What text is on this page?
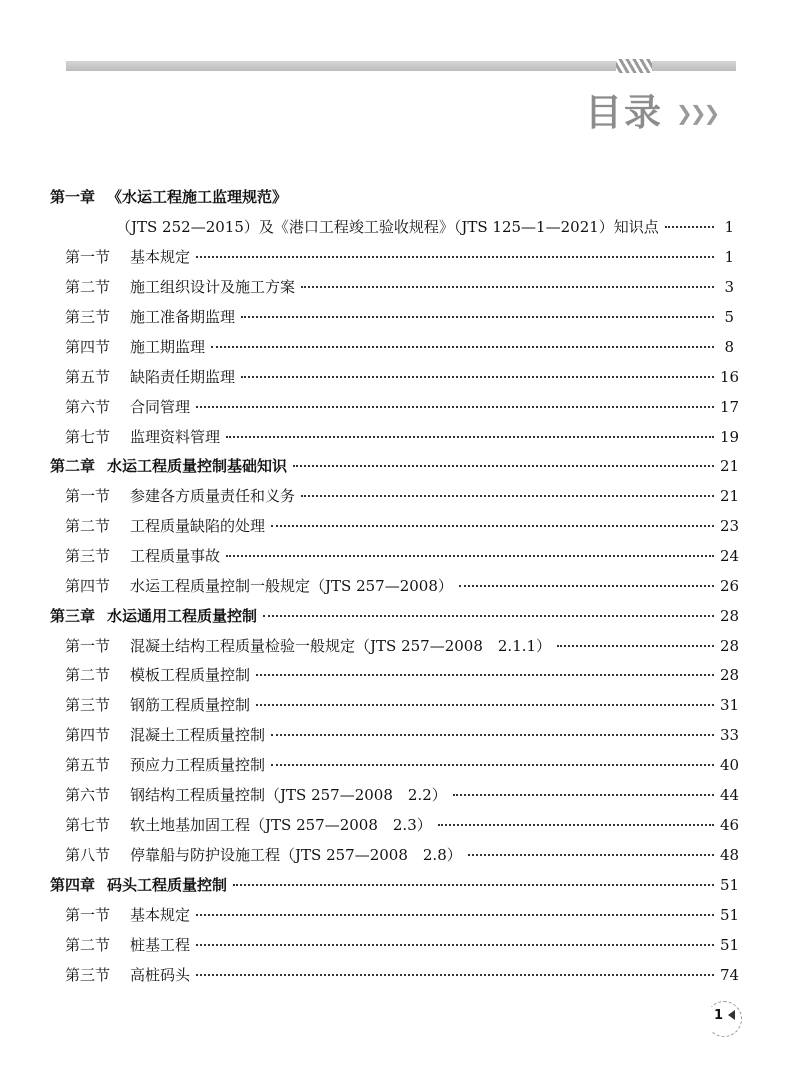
目录 ❯❯❯
第一章 《水运工程施工监理规范》
（JTS 252—2015）及《港口工程竣工验收规程》（JTS 125—1—2021）知识点	1
第一节 基本规定	1
第二节 施工组织设计及施工方案	3
第三节 施工准备期监理	5
第四节 施工期监理	8
第五节 缺陷责任期监理	16
第六节 合同管理	17
第七节 监理资料管理	19
第二章 水运工程质量控制基础知识	21
第一节 参建各方质量责任和义务	21
第二节 工程质量缺陷的处理	23
第三节 工程质量事故	24
第四节 水运工程质量控制一般规定（JTS 257—2008）	26
第三章 水运通用工程质量控制	28
第一节 混凝土结构工程质量检验一般规定（JTS 257—2008　2.1.1）	28
第二节 模板工程质量控制	28
第三节 钢筋工程质量控制	31
第四节 混凝土工程质量控制	33
第五节 预应力工程质量控制	40
第六节 钢结构工程质量控制（JTS 257—2008　2.2）	44
第七节 软土地基加固工程（JTS 257—2008　2.3）	46
第八节 停靠船与防护设施工程（JTS 257—2008　2.8）	48
第四章 码头工程质量控制	51
第一节 基本规定	51
第二节 桩基工程	51
第三节 高桩码头	74
1
